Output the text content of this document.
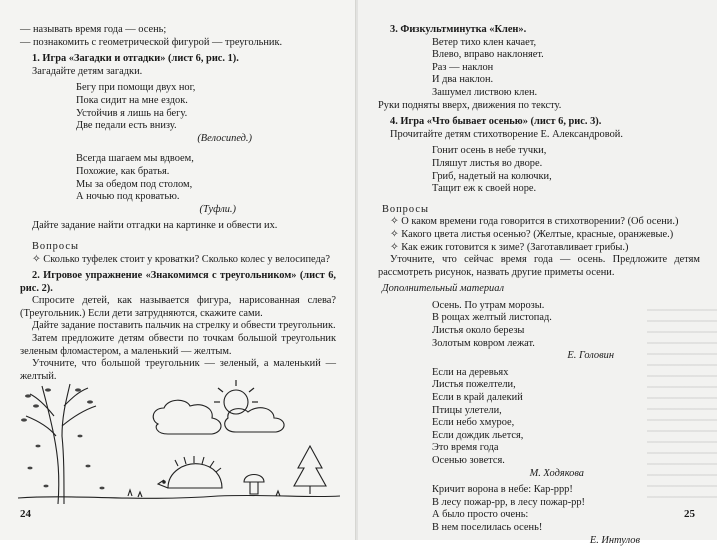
— называть время года — осень;

— познакомить с геометрической фигурой — треугольник.

1. Игра «Загадки и отгадки» (лист 6, рис. 1).

Загадайте детям загадки.

Бегу при помощи двух ног,

Пока сидит на мне ездок.

Устойчив я лишь на бегу.

Две педали есть внизу.

(Велосипед.)

Всегда шагаем мы вдвоем,

Похожие, как братья.

Мы за обедом под столом,

А ночью под кроватью.

(Туфли.)

Дайте задание найти отгадки на картинке и обвести их.

Вопросы

✧ Сколько туфелек стоит у кроватки? Сколько колес у велосипеда?

2. Игровое упражнение «Знакомимся с треугольником» (лист 6, рис. 2).

Спросите детей, как называется фигура, нарисованная слева? (Треугольник.) Если дети затрудняются, скажите сами.

Дайте задание поставить пальчик на стрелку и обвести треугольник.

Затем предложите детям обвести по точкам большой треугольник зеленым фломастером, а маленький — желтым.

Уточните, что большой треугольник — зеленый, а маленький — желтый.

24

3. Физкультминутка «Клен».

Ветер тихо клен качает,

Влево, вправо наклоняет.

Раз — наклон

И два наклон.

Зашумел листвою клен.

Руки подняты вверх, движения по тексту.

4. Игра «Что бывает осенью» (лист 6, рис. 3).

Прочитайте детям стихотворение Е. Александровой.

Гонит осень в небе тучки,

Пляшут листья во дворе.

Гриб, надетый на колючки,

Тащит еж к своей норе.

Вопросы

✧ О каком времени года говорится в стихотворении? (Об осени.)

✧ Какого цвета листья осенью? (Желтые, красные, оранжевые.)

✧ Как ежик готовится к зиме? (Заготавливает грибы.)

Уточните, что сейчас время года — осень. Предложите детям рассмотреть рисунок, назвать другие приметы осени.

Дополнительный материал

Осень. По утрам морозы.

В рощах желтый листопад.

Листья около березы

Золотым ковром лежат.

Е. Головин

Если на деревьях

Листья пожелтели,

Если в край далекий

Птицы улетели,

Если небо хмурое,

Если дождик льется,

Это время года

Осенью зовется.

М. Ходякова

Кричит ворона в небе: Кар-ррр!

В лесу пожар-рр, в лесу пожар-рр!

А было просто очень:

В нем поселилась осень!

Е. Интулов

25
